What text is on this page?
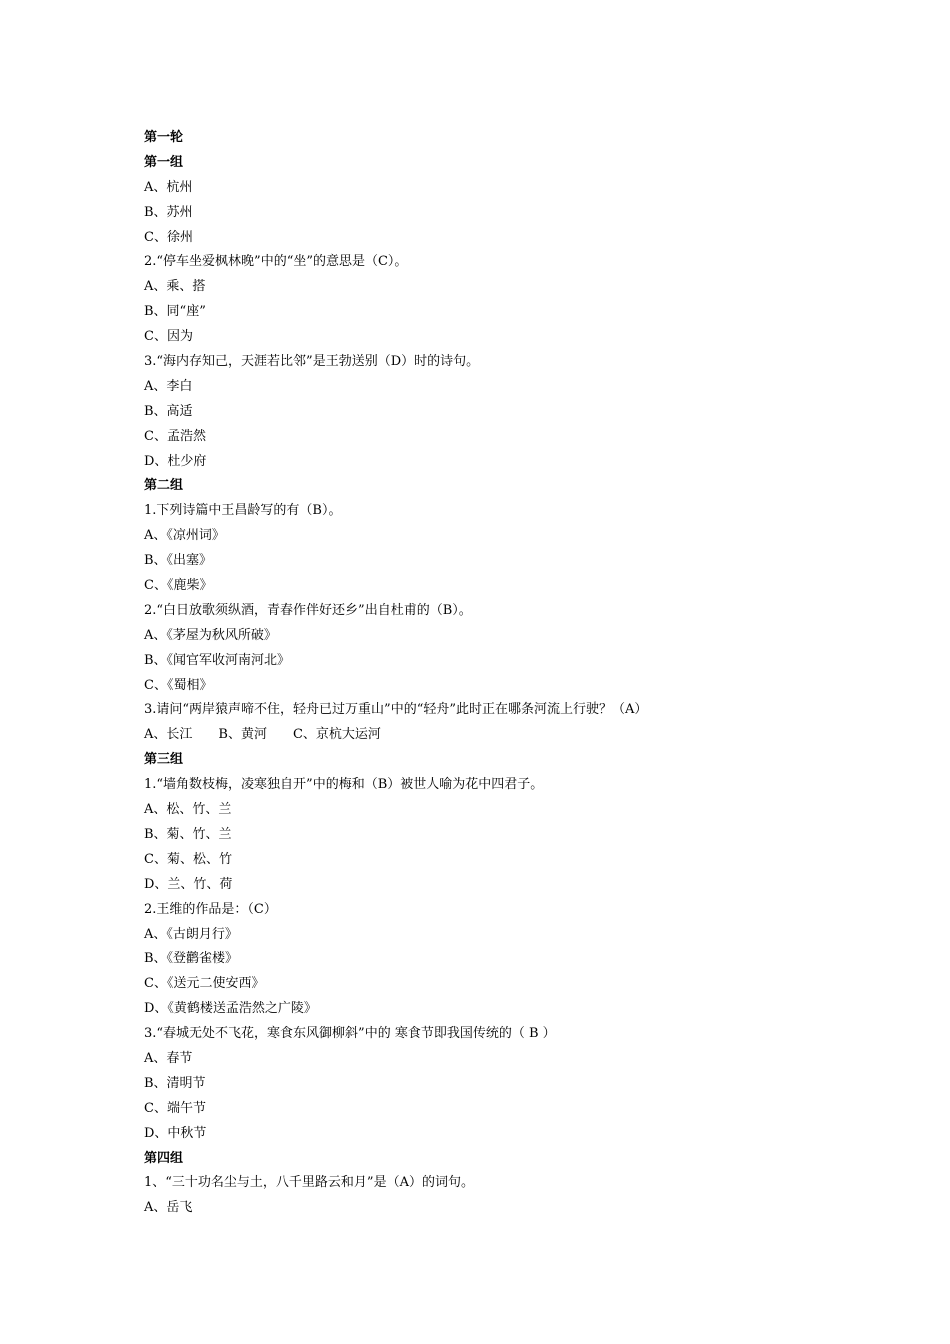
第一轮
第一组
A、杭州
B、苏州
C、徐州
2.“停车坐爱枫林晚”中的“坐”的意思是（C）。
A、乘、搭
B、同“座”
C、因为
3.“海内存知己，天涯若比邻”是王勃送别（D）时的诗句。
A、李白
B、高适
C、孟浩然
D、杜少府
第二组
1.下列诗篇中王昌龄写的有（B）。
A、《凉州词》
B、《出塞》
C、《鹿柴》
2.“白日放歌须纵酒，青春作伴好还乡”出自杜甫的（B）。
A、《茅屋为秋风所破》
B、《闻官军收河南河北》
C、《蜀相》
3.请问“两岸猿声啼不住，轻舟已过万重山”中的“轻舟”此时正在哪条河流上行驶？（A）
A、长江　　B、黄河　　C、京杭大运河
第三组
1.“墙角数枝梅，凌寒独自开”中的梅和（B）被世人喻为花中四君子。
A、松、竹、兰
B、菊、竹、兰
C、菊、松、竹
D、兰、竹、荷
2.王维的作品是：（C）
A、《古朗月行》
B、《登鹳雀楼》
C、《送元二使安西》
D、《黄鹤楼送孟浩然之广陵》
3.“春城无处不飞花，寒食东风御柳斜”中的 寒食节即我国传统的（ B ）
A、春节
B、清明节
C、端午节
D、中秋节
第四组
1、“三十功名尘与土，八千里路云和月”是（A）的词句。
A、岳飞
